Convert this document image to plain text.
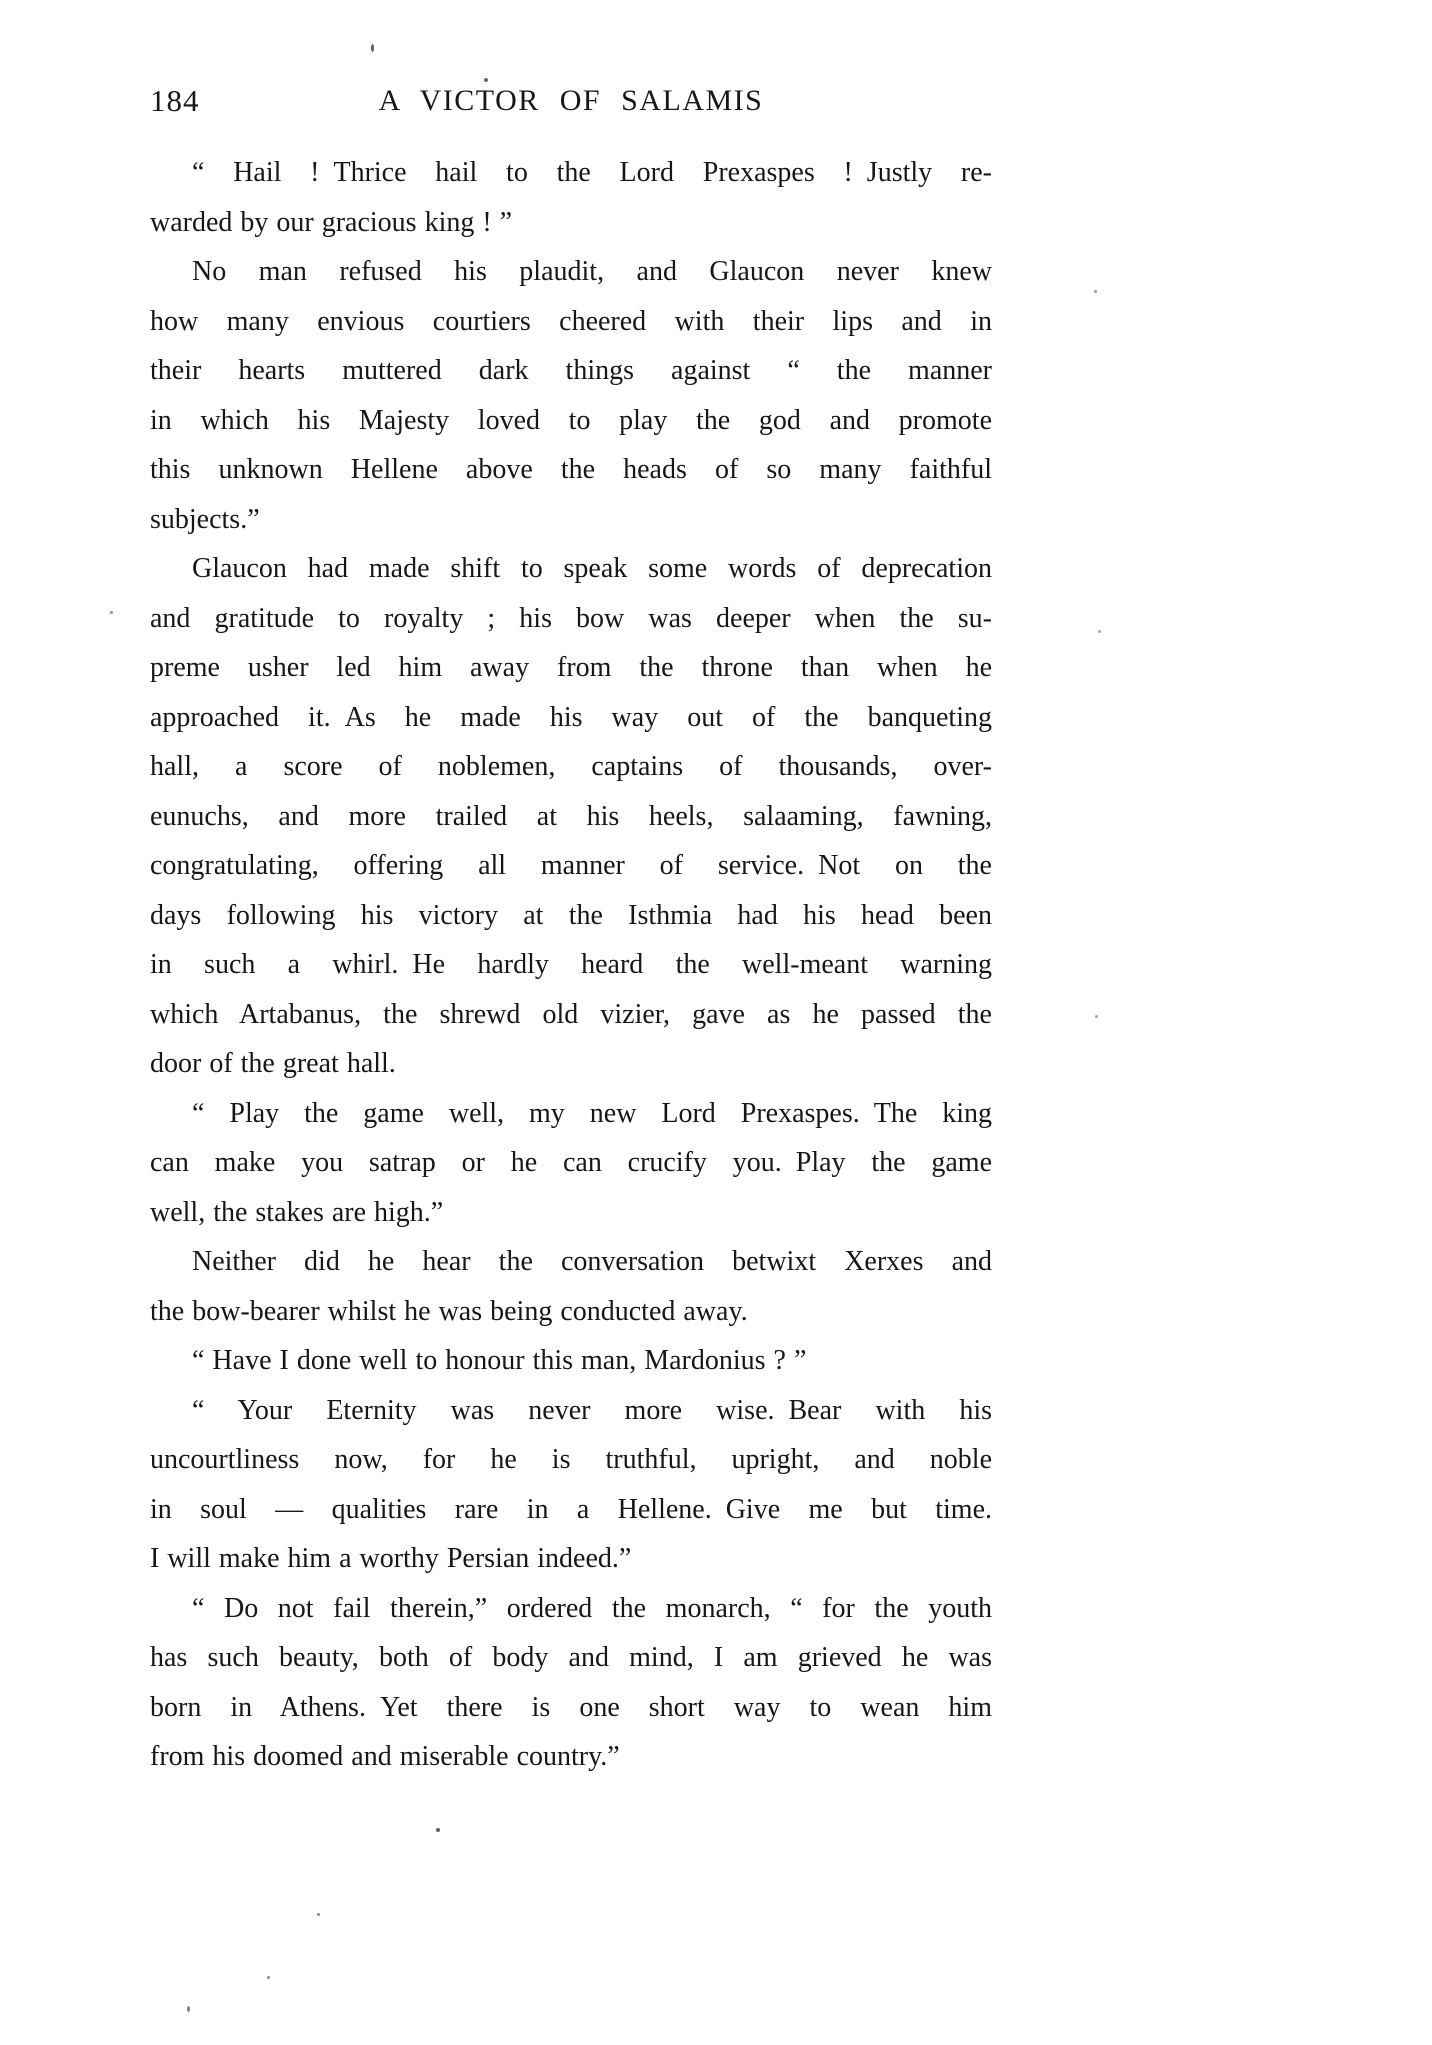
184	A VICTOR OF SALAMIS
“ Hail ! Thrice hail to the Lord Prexaspes ! Justly re-
warded by our gracious king ! ”
No man refused his plaudit, and Glaucon never knew
how many envious courtiers cheered with their lips and in
their hearts muttered dark things against “ the manner
in which his Majesty loved to play the god and promote
this unknown Hellene above the heads of so many faithful
subjects.”
Glaucon had made shift to speak some words of deprecation
and gratitude to royalty ; his bow was deeper when the su-
preme usher led him away from the throne than when he
approached it. As he made his way out of the banqueting
hall, a score of noblemen, captains of thousands, over-
eunuchs, and more trailed at his heels, salaaming, fawning,
congratulating, offering all manner of service. Not on the
days following his victory at the Isthmia had his head been
in such a whirl. He hardly heard the well-meant warning
which Artabanus, the shrewd old vizier, gave as he passed the
door of the great hall.
“ Play the game well, my new Lord Prexaspes. The king
can make you satrap or he can crucify you. Play the game
well, the stakes are high.”
Neither did he hear the conversation betwixt Xerxes and
the bow-bearer whilst he was being conducted away.
“ Have I done well to honour this man, Mardonius ? ”
“ Your Eternity was never more wise. Bear with his
uncourtliness now, for he is truthful, upright, and noble
in soul — qualities rare in a Hellene. Give me but time.
I will make him a worthy Persian indeed.”
“ Do not fail therein,” ordered the monarch, “ for the youth
has such beauty, both of body and mind, I am grieved he was
born in Athens. Yet there is one short way to wean him
from his doomed and miserable country.”
